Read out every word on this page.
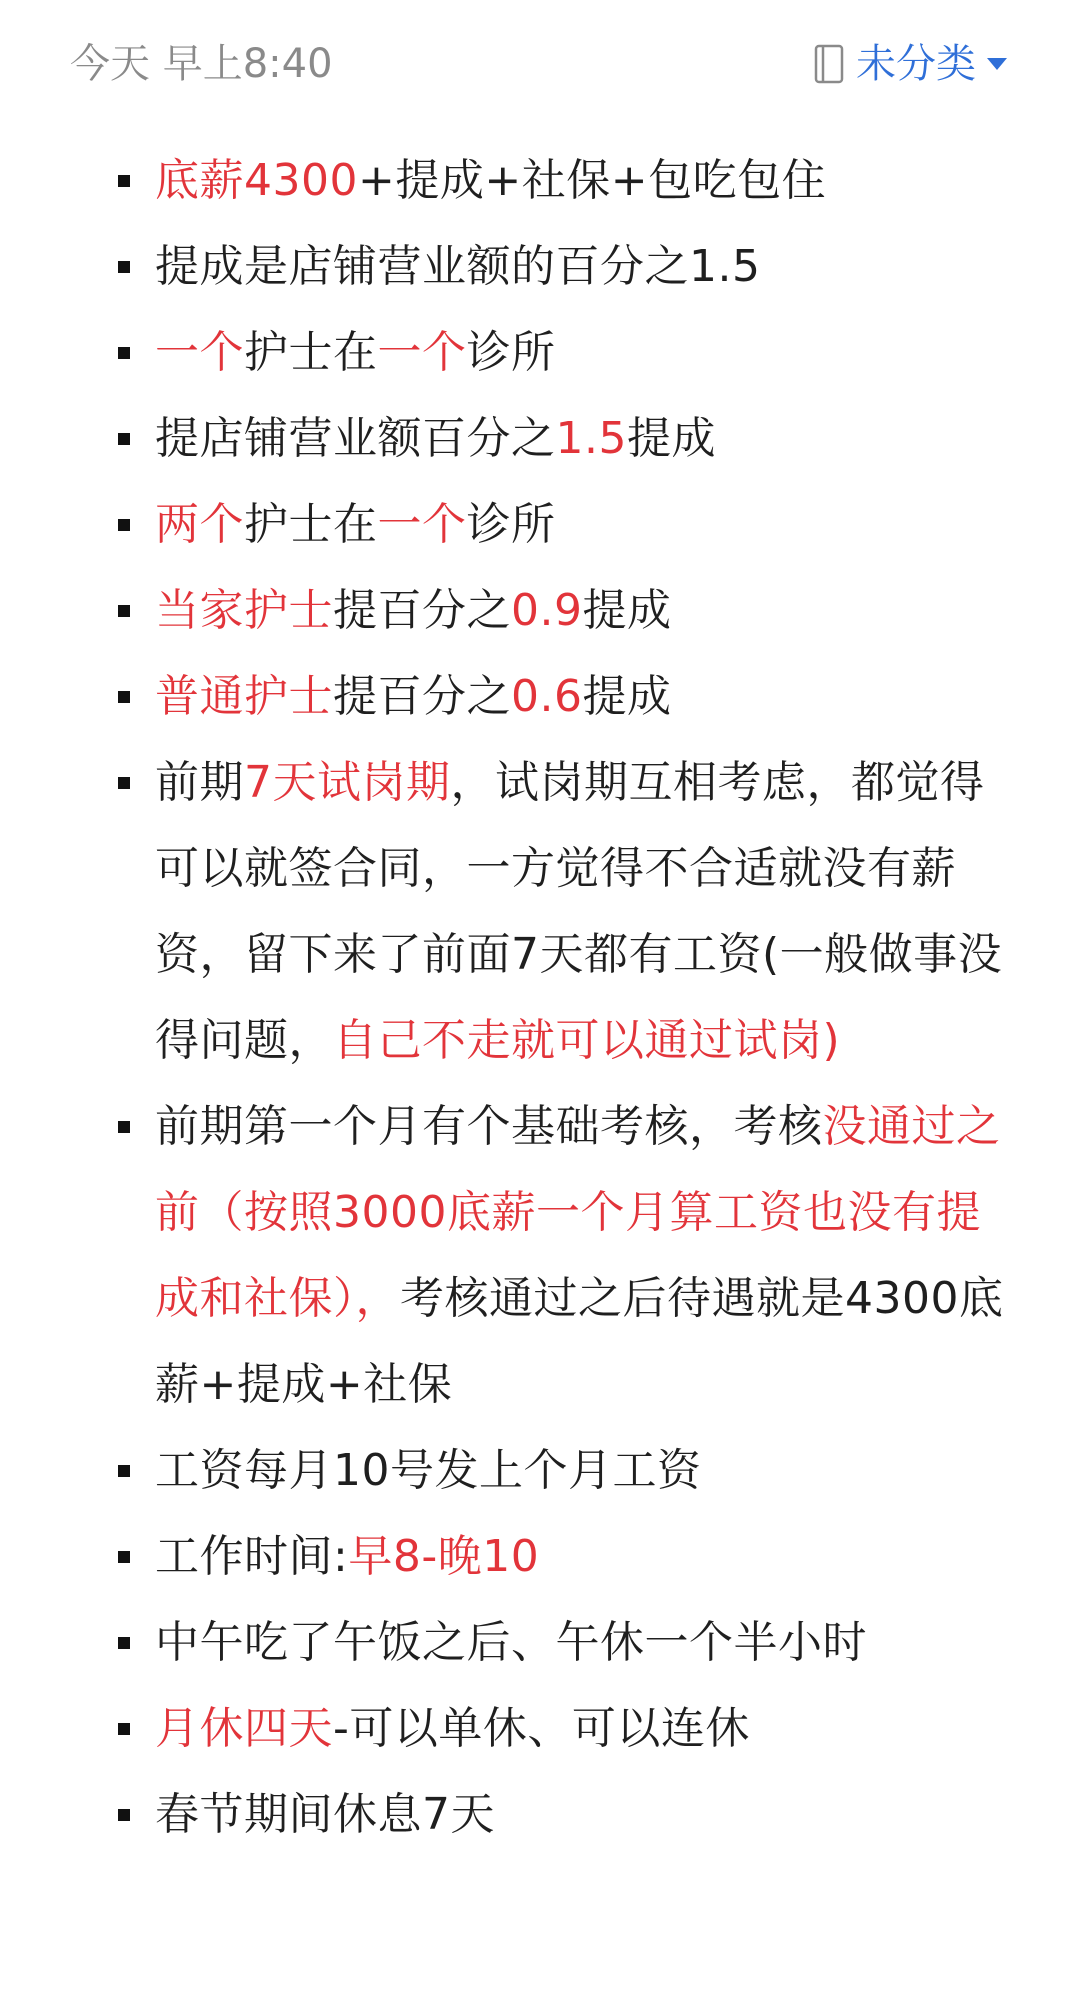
今天 早上8:40	未分类
底薪4300+提成+社保+包吃包住
提成是店铺营业额的百分之1.5
一个护士在一个诊所
提店铺营业额百分之1.5提成
两个护士在一个诊所
当家护士提百分之0.9提成
普通护士提百分之0.6提成
前期7天试岗期，试岗期互相考虑，都觉得可以就签合同，一方觉得不合适就没有薪资，留下来了前面7天都有工资(一般做事没得问题，自己不走就可以通过试岗)
前期第一个月有个基础考核，考核没通过之前（按照3000底薪一个月算工资也没有提成和社保），考核通过之后待遇就是4300底薪+提成+社保
工资每月10号发上个月工资
工作时间:早8-晚10
中午吃了午饭之后、午休一个半小时
月休四天-可以单休、可以连休
春节期间休息7天
